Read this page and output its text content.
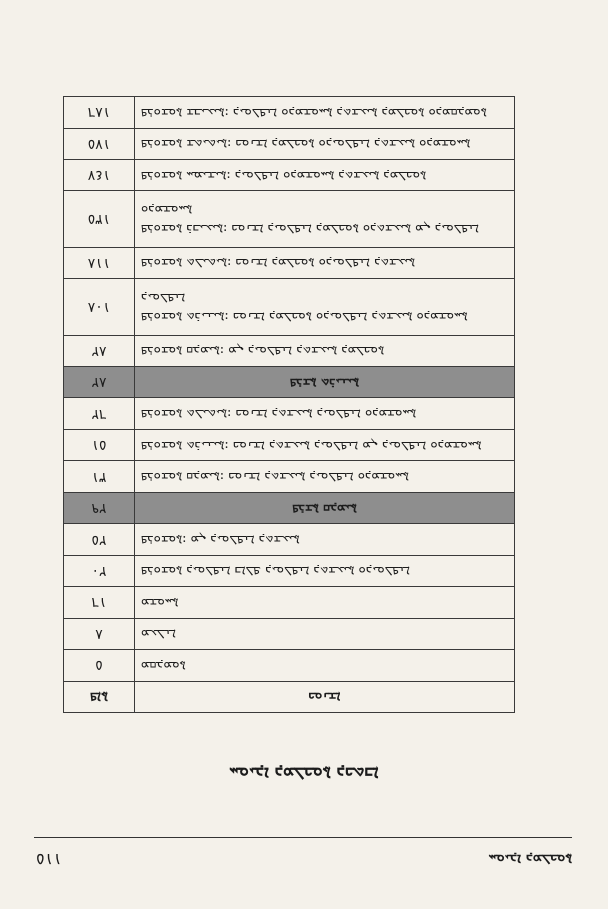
١١٥	ܚܘܝܕܐ ܕܡܠܟܘܬܐ
ܚܘܝܕܐ ܕܡܠܟܘܬܐ ܕܟܬܒܐ
ܦܐܬܐ	ܟܘܢܫܐ
٥	ܡܩܕܡܘܬܐ
٨	ܡܥܠܢܐ
١٦	ܡܫܘܚܬܐ
٢٠	ܦܪܘܫܘܬܐ ܕܝܘܠܦܢܐ ܒܐܠܦ ܕܝܘܠܦܢܐ ܕܬܫܥܝܬܐ ܘܕܝܘܠܦܢܐ
٢٥	ܦܪܘܫܘܬܐ: ܡܢ ܕܝܘܠܦܢܐ ܕܬܫܥܝܬܐ
٢٩	ܦܪܫܬܐ ܩܕܡܝܬܐ
٣١	ܦܪܘܫܘܬܐ ܩܕܡܝܬܐ: ܟܘܢܫܐ ܕܬܫܥܝܬܐ ܕܝܘܠܦܢܐ ܘܕܡܫܘܚܬܐ
٥١	ܦܪܘܫܘܬܐ ܬܪܝܢܝܬܐ: ܟܘܢܫܐ ܕܬܫܥܝܬܐ ܕܝܘܠܦܢܐ ܡܢ ܕܝܘܠܦܢܐ ܘܕܡܫܘܚܬܐ
٦٢	ܦܪܘܫܘܬܐ ܬܠܝܬܝܬܐ: ܟܘܢܫܐ ܕܬܫܥܝܬܐ ܕܝܘܠܦܢܐ ܘܕܡܫܘܚܬܐ
٨٢	ܦܪܫܬܐ ܬܪܝܢܝܬܐ
٨٢	ܦܪܘܫܘܬܐ ܩܕܡܝܬܐ: ܡܢ ܕܝܘܠܦܢܐ ܕܬܫܥܝܬܐ ܕܡܠܟܘܬܐ
١٠٨	ܦܪܘܫܘܬܐ ܬܪܝܢܝܬܐ: ܟܘܢܫܐ ܕܡܠܟܘܬܐ ܘܕܝܘܠܦܢܐ ܕܬܫܥܝܬܐ ܘܕܡܫܘܚܬܐ ܕܝܘܠܦܢܐ
١١٨	ܦܪܘܫܘܬܐ ܬܠܝܬܝܬܐ: ܟܘܢܫܐ ܕܡܠܟܘܬܐ ܘܕܝܘܠܦܢܐ ܕܬܫܥܝܬܐ
١٣٥	ܦܪܘܫܘܬܐ ܪܒܝܥܝܬܐ: ܟܘܢܫܐ ܕܝܘܠܦܢܐ ܕܡܠܟܘܬܐ ܘܕܬܫܥܝܬܐ ܡܢ ܕܝܘܠܦܢܐ ܘܕܡܫܘܚܬܐ
١٤٧	ܦܪܘܫܘܬܐ ܚܡܝܫܝܬܐ: ܕܝܘܠܦܢܐ ܘܕܡܫܘܚܬܐ ܕܬܫܥܝܬܐ ܕܡܠܟܘܬܐ
١٧٥	ܦܪܘܫܘܬܐ ܫܬܝܬܝܬܐ: ܟܘܢܫܐ ܕܡܠܟܘܬܐ ܘܕܝܘܠܦܢܐ ܕܬܫܥܝܬܐ ܘܕܡܫܘܚܬܐ
١٨٦	ܦܪܘܫܘܬܐ ܫܒܝܥܝܬܐ: ܕܝܘܠܦܢܐ ܘܕܡܫܘܚܬܐ ܕܬܫܥܝܬܐ ܕܡܠܟܘܬܐ ܘܕܡܩܕܡܘܬܐ
